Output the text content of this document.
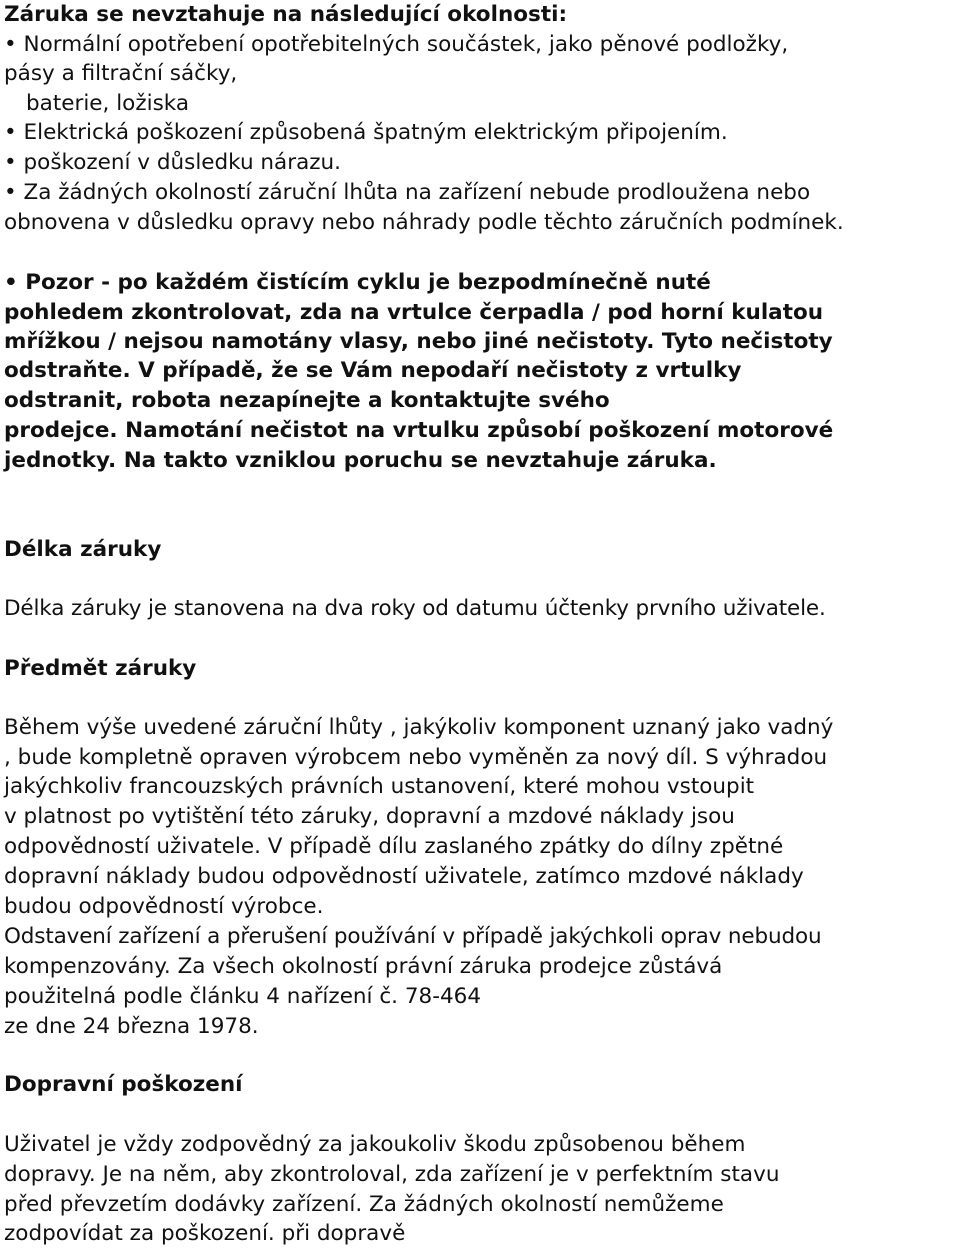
Záruka se nevztahuje na následující okolnosti:
• Normální opotřebení opotřebitelných součástek, jako pěnové podložky,
pásy a filtrační sáčky,
baterie, ložiska
• Elektrická poškození způsobená špatným elektrickým připojením.
• poškození v důsledku nárazu.
• Za žádných okolností záruční lhůta na zařízení nebude prodloužena nebo
obnovena v důsledku opravy nebo náhrady podle těchto záručních podmínek.
• Pozor - po každém čistícím cyklu je bezpodmínečně nuté
pohledem zkontrolovat, zda na vrtulce čerpadla / pod horní kulatou
mřížkou / nejsou namotány vlasy, nebo jiné nečistoty. Tyto nečistoty
odstraňte. V případě, že se Vám nepodaří nečistoty z vrtulky
odstranit, robota nezapínejte a kontaktujte svého
prodejce. Namotání nečistot na vrtulku způsobí poškození motorové
jednotky. Na takto vzniklou poruchu se nevztahuje záruka.
Délka záruky
Délka záruky je stanovena na dva roky od datumu účtenky prvního uživatele.
Předmět záruky
Během výše uvedené záruční lhůty , jakýkoliv komponent uznaný jako vadný
, bude kompletně opraven výrobcem nebo vyměněn za nový díl. S výhradou
jakýchkoliv francouzských právních ustanovení, které mohou vstoupit
v platnost po vytištění této záruky, dopravní a mzdové náklady jsou
odpovědností uživatele. V případě dílu zaslaného zpátky do dílny zpětné
dopravní náklady budou odpovědností uživatele, zatímco mzdové náklady
budou odpovědností výrobce.
Odstavení zařízení a přerušení používání v případě jakýchkoli oprav nebudou
kompenzovány. Za všech okolností právní záruka prodejce zůstává
použitelná podle článku 4 nařízení č. 78-464
ze dne 24 března 1978.
Dopravní poškození
Uživatel je vždy zodpovědný za jakoukoliv škodu způsobenou během
dopravy. Je na něm, aby zkontroloval, zda zařízení je v perfektním stavu
před převzetím dodávky zařízení. Za žádných okolností nemůžeme
zodpovídat za poškození. při dopravě
